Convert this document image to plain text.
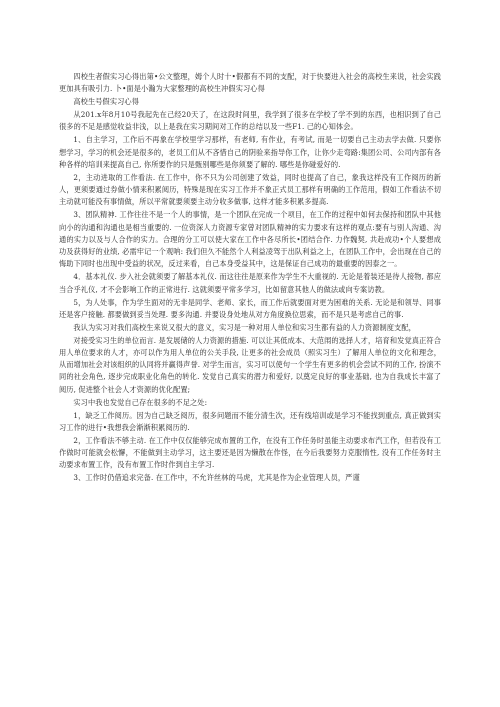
四校生者假实习心得出第•公文整理，姆个人时十•假都有不同的支配，对于快要进入社会的高校生来说，社会实践更加具有吸引力. 卜•面是小瀚为大家整理的高校生冲假实习心得

高校生号假实习心得

从201.x年8月10号我起先在己经20天了，在这段时间里，我学到了很多在学校了学不到的东西，也相识到了自己很多的不足是感觉收益非浅，以上是我在实习期间对工作的总结以及一些F1. 己的心知体会。

1、自主学习，工作后不再象在学校里学习那样，有老师, 有作业，有考试, 而是一切要自己主动去学去做. 只要你想学习，学习的机会还是很多的，老员工们从不吝惜自己的阴验来指导你工作，让你少走弯路:集团公司、公司内部有各种各样的培训来提高自己, 你所要作的只是甄别哪些是你须要了解的. 哪些是你碰爱好的.

2，主动进取的工作看法. 在工作中，你不只为公司创建了效益，同时也提高了自己，象我这样没有工作阅历的新人，更须要通过券做小情来积累阅历，特殊是现在实习工作并不象正式员工那样有明确的工作范用，假如工作看法不切主动就可能没有事情做，所以平常就要须要主动分收多做事, 这样才能多积累多提高.

3、团队精神. 工作往往不是一个人的事情，是一个团队在完成一个项目，在工作的过程中如何去保持和团队中其他向小的沟通和沟通也是相当重要的. 一位资深人力资源专家曾对团队精神的实力要求有这样的观点:要有与别人沟通、沟通的实力以及与人合作的实力。合理的分工可以使大家在工作中各尽所长•团结合作. 力作魏契, 共赴成功•个人要想成功及获得好的业绩, 必需牢记一个观呐: 我们但久不能然个人利益凌驾于出队利益之上，在团队工作中，会出现在自己的悔助下同时也出现中受益的状况，反过来看，自己本身受益其中，这是保证自己成功的最重要的因泰之一。

4．基本礼仪. 步入社会就须要了解基本礼仪. 而这往往是原来作为学生不大重视的. 无论是着装还是待人接物, 都应当合乎礼仪, 才不会影响工作的正常进行. 这就须要平常多学习，比如留意其他人的做法或向专案访教。

5，为人处事，作为学生面对的无非是同学、老师、家长，而工作后就要面对更为困难的关系. 无论是和领导、同事还是客户接触. 都要做到妥当处理. 要多沟通. 并要设身处地从对方角度换位思索，而不是只是考虑自己的事.

我认为实习对我们高校生来说又很大的意义，实习是一种对用人单位和实习生都有益的人力资源制度支配，

对接受实习生的单位而言. 是发展储的人力资源的措施. 可以让其低成本、大范闱的选择人才，培育和发觉真正符合用人单位要求的人才，亦可以作为用人单位的公关手段, 让更多的社会成员（照实习生）了解用人单位的文化和理念，从而增加社会对该组织的认同将并赢得声誉. 对学生而言，实习可以使句一个学生有更多的机会尝试不同的工作, 扮演不同的社会角色, 逐步完成职业化角色的转化. 发觉自己真实的潜力和爱好, 以奠定良好的事业基础, 也为自我成长丰富了阅历, 促进整个社会人才资源的优化配置;

实习中我也发觉自己存在很多的不足之处:

1，缺乏工作阅历。因为自己缺乏阅历，很多问题而不能分清生次，还有线培训或是学习不能找到重点, 真正做到实习工作的进行•我想我会渐渐积累阅历的.

2，工作看法不够主动. 在工作中仅仅能够完成布置的工作，在没有工作任务时虽能主动要求布汽工作，但若没有工作做时可能就会松懈，不能做到主动学习，这主要还是因为懒散在作怪，在今后我要努力克服惰性, 没有工作任务时主动要求布置工作，没有布置工作时作到自主学习.

3、工作时仍借追求完备. 在工作中，不允许丝林的马虎，尤其是作为企业管理人员，严谨
